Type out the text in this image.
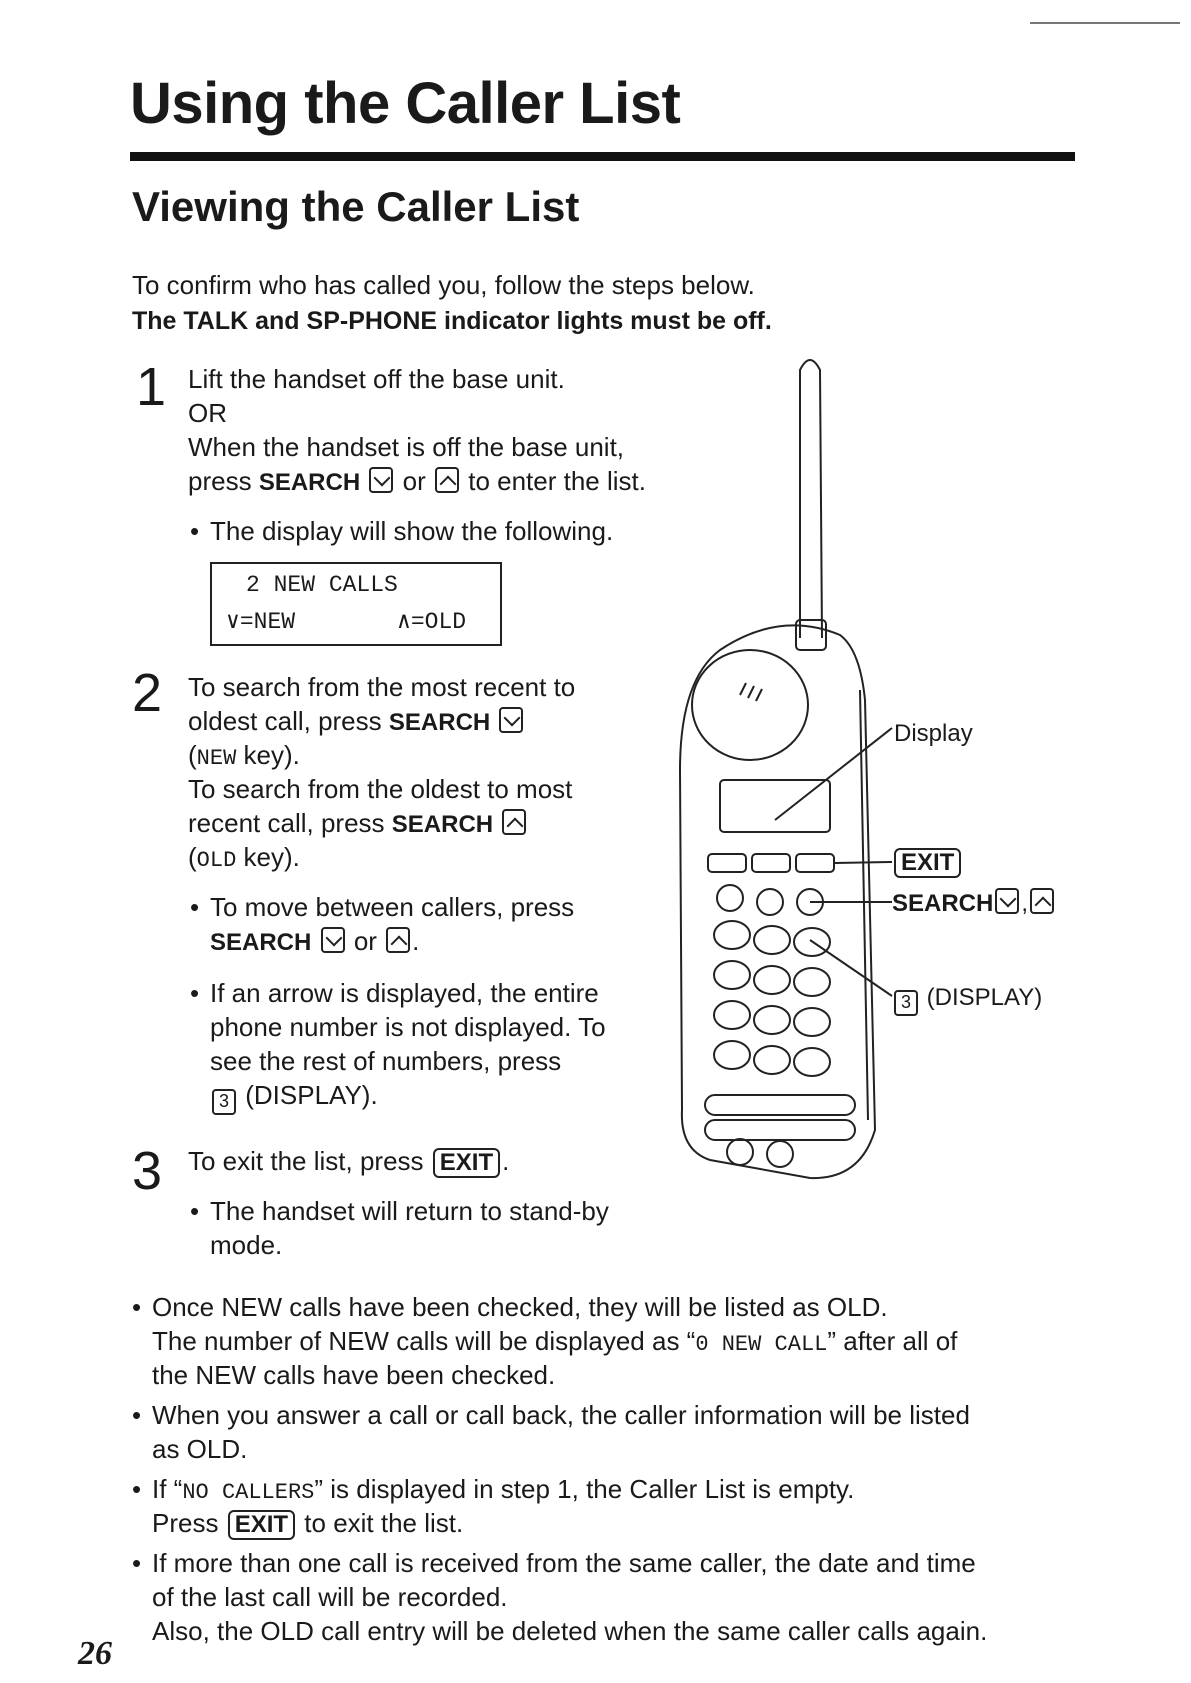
Using the Caller List
Viewing the Caller List
To confirm who has called you, follow the steps below.
The TALK and SP-PHONE indicator lights must be off.
1 Lift the handset off the base unit.
OR
When the handset is off the base unit,
press SEARCH or to enter the list.
• The display will show the following.
2 NEW CALLS
∨=NEW	∧=OLD
2 To search from the most recent to
oldest call, press SEARCH
(NEW key).
To search from the oldest to most
recent call, press SEARCH
(OLD key).
• To move between callers, press
SEARCH or .
• If an arrow is displayed, the entire
phone number is not displayed. To
see the rest of numbers, press
3 (DISPLAY).
3 To exit the list, press EXIT .
• The handset will return to stand-by
mode.
Display
EXIT
SEARCH ,
3 (DISPLAY)
• Once NEW calls have been checked, they will be listed as OLD.
The number of NEW calls will be displayed as “0 NEW CALL” after all of
the NEW calls have been checked.
• When you answer a call or call back, the caller information will be listed
as OLD.
• If “NO CALLERS” is displayed in step 1, the Caller List is empty.
Press EXIT to exit the list.
• If more than one call is received from the same caller, the date and time
of the last call will be recorded.
Also, the OLD call entry will be deleted when the same caller calls again.
26
